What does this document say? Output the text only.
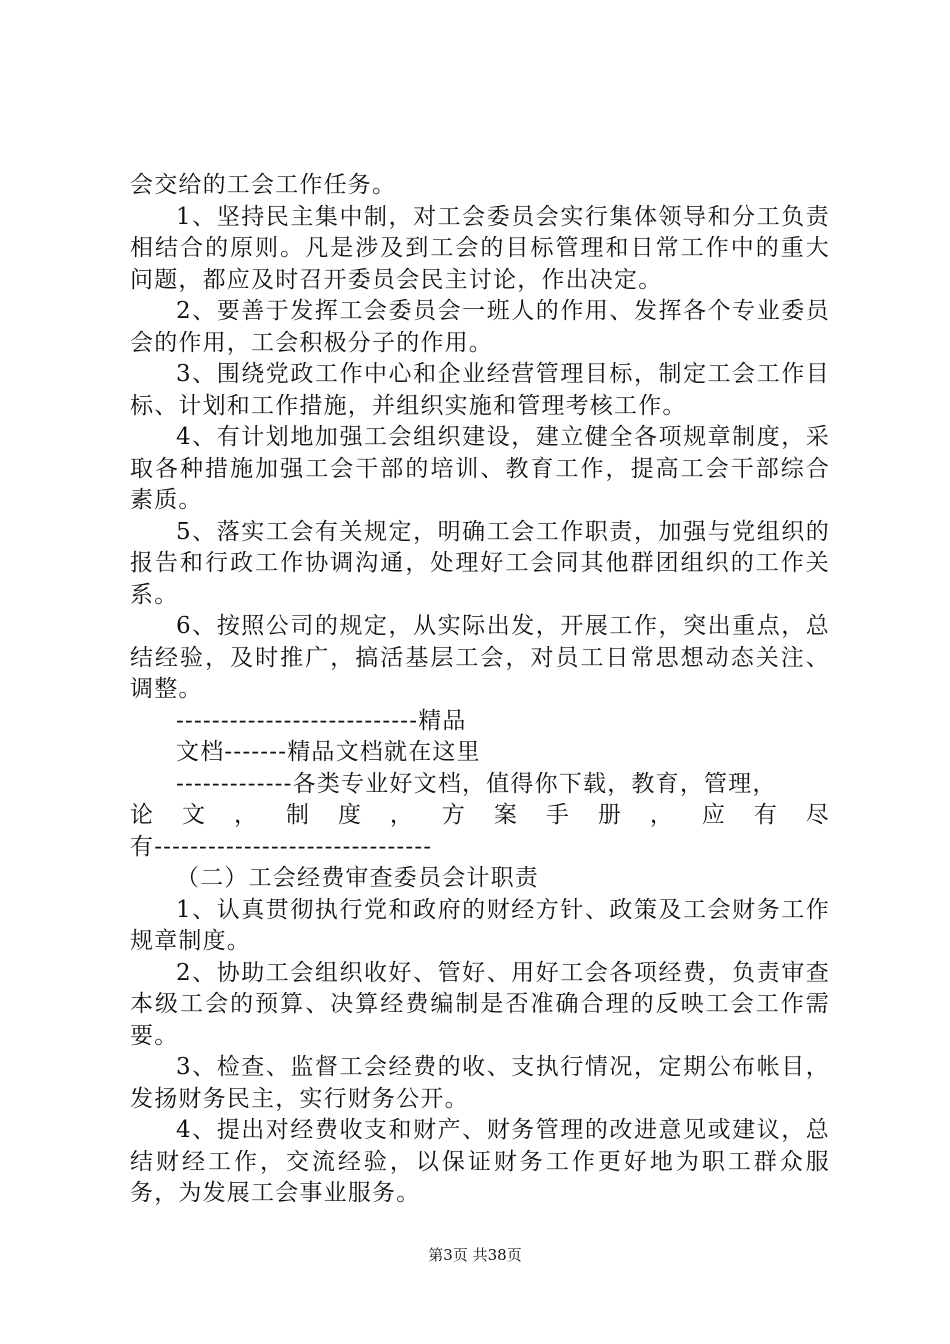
会交给的工会工作任务。

1、坚持民主集中制，对工会委员会实行集体领导和分工负责相结合的原则。凡是涉及到工会的目标管理和日常工作中的重大问题，都应及时召开委员会民主讨论，作出决定。

2、要善于发挥工会委员会一班人的作用、发挥各个专业委员会的作用，工会积极分子的作用。

3、围绕党政工作中心和企业经营管理目标，制定工会工作目标、计划和工作措施，并组织实施和管理考核工作。

4、有计划地加强工会组织建设，建立健全各项规章制度，采取各种措施加强工会干部的培训、教育工作，提高工会干部综合素质。

5、落实工会有关规定，明确工会工作职责，加强与党组织的报告和行政工作协调沟通，处理好工会同其他群团组织的工作关系。

6、按照公司的规定，从实际出发，开展工作，突出重点，总结经验，及时推广，搞活基层工会，对员工日常思想动态关注、调整。

---------------------------精品

文档-------精品文档就在这里

-------------各类专业好文档，值得你下载，教育，管理，

论 文 ， 制 度 ， 方 案 手 册 ， 应 有 尽

有-------------------------------

（二）工会经费审查委员会计职责

1、认真贯彻执行党和政府的财经方针、政策及工会财务工作规章制度。

2、协助工会组织收好、管好、用好工会各项经费，负责审查本级工会的预算、决算经费编制是否准确合理的反映工会工作需要。

3、检查、监督工会经费的收、支执行情况，定期公布帐目，发扬财务民主，实行财务公开。

4、提出对经费收支和财产、财务管理的改进意见或建议，总结财经工作，交流经验，以保证财务工作更好地为职工群众服务，为发展工会事业服务。

第3页 共38页
